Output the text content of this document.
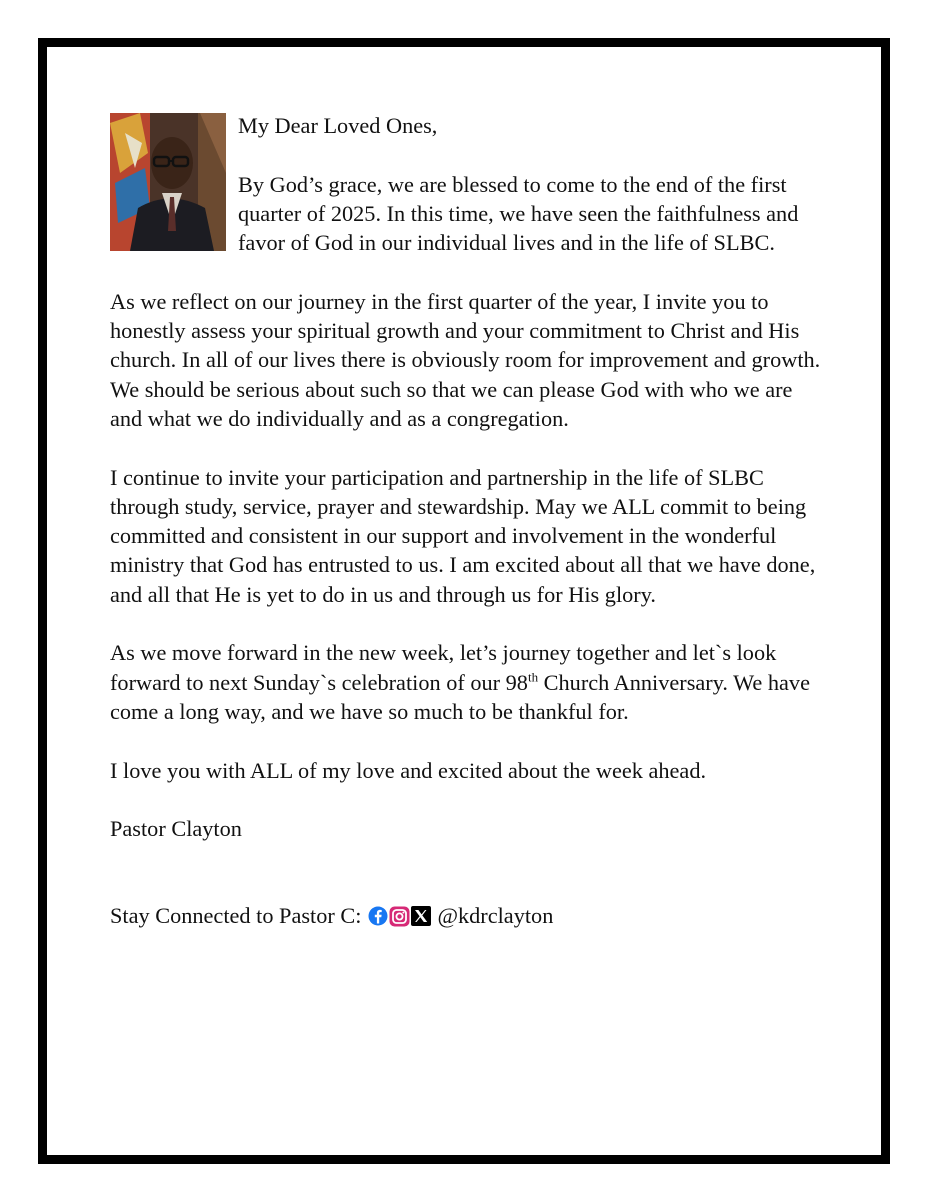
My Dear Loved Ones,

By God’s grace, we are blessed to come to the end of the first quarter of 2025. In this time, we have seen the faithfulness and favor of God in our individual lives and in the life of SLBC.

As we reflect on our journey in the first quarter of the year, I invite you to honestly assess your spiritual growth and your commitment to Christ and His church. In all of our lives there is obviously room for improvement and growth. We should be serious about such so that we can please God with who we are and what we do individually and as a congregation.

I continue to invite your participation and partnership in the life of SLBC through study, service, prayer and stewardship. May we ALL commit to being committed and consistent in our support and involvement in the wonderful ministry that God has entrusted to us. I am excited about all that we have done, and all that He is yet to do in us and through us for His glory.

As we move forward in the new week, let’s journey together and let`s look forward to next Sunday`s celebration of our 98th Church Anniversary. We have come a long way, and we have so much to be thankful for.

I love you with ALL of my love and excited about the week ahead.

Pastor Clayton

Stay Connected to Pastor C:	@kdrclayton
